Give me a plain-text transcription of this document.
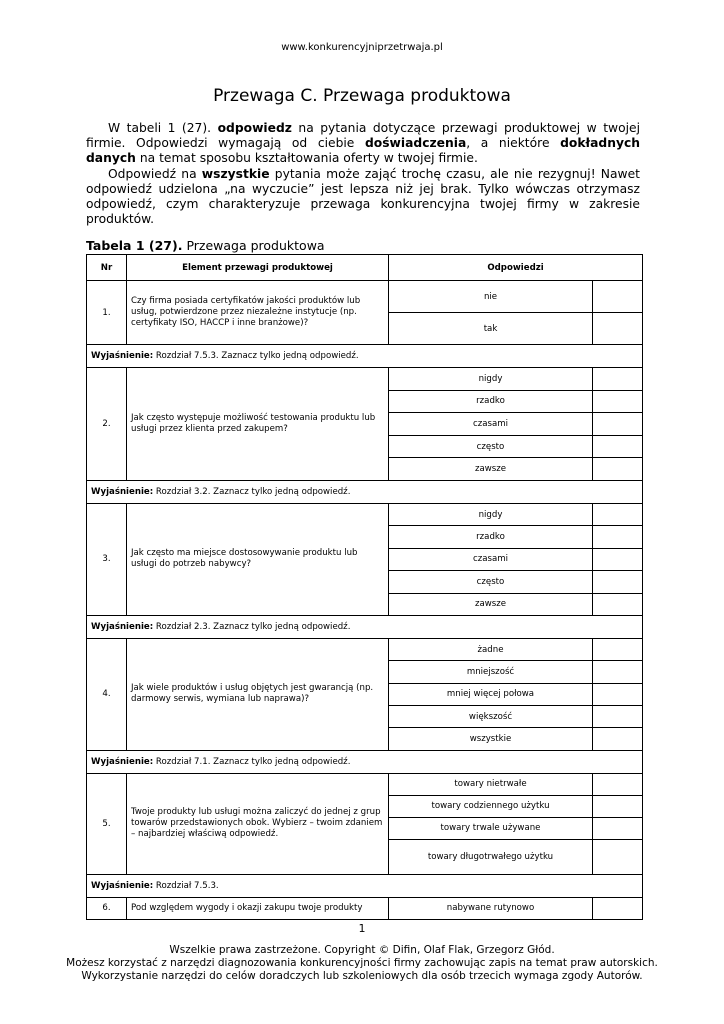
www.konkurencyjniprzetrwaja.pl
Przewaga C. Przewaga produktowa

W tabeli 1 (27). odpowiedz na pytania dotyczące przewagi produktowej w twojej firmie. Odpowiedzi wymagają od ciebie doświadczenia, a niektóre dokładnych danych na temat sposobu kształtowania oferty w twojej firmie.

Odpowiedź na wszystkie pytania może zająć trochę czasu, ale nie rezygnuj! Nawet odpowiedź udzielona „na wyczucie” jest lepsza niż jej brak. Tylko wówczas otrzymasz odpowiedź, czym charakteryzuje przewaga konkurencyjna twojej firmy w zakresie produktów.

Tabela 1 (27). Przewaga produktowa
Nr	Element przewagi produktowej	Odpowiedzi	
1.	Czy firma posiada certyfikatów jakości produktów lub usług, potwierdzone przez niezależne instytucje (np. certyfikaty ISO, HACCP i inne branżowe)?	nie	
		tak	
Wyjaśnienie: Rozdział 7.5.3. Zaznacz tylko jedną odpowiedź.			
2.	Jak często występuje możliwość testowania produktu lub usługi przez klienta przed zakupem?	nigdy	
		rzadko	
		czasami	
		często	
		zawsze	
Wyjaśnienie: Rozdział 3.2. Zaznacz tylko jedną odpowiedź.			
3.	Jak często ma miejsce dostosowywanie produktu lub usługi do potrzeb nabywcy?	nigdy	
		rzadko	
		czasami	
		często	
		zawsze	
Wyjaśnienie: Rozdział 2.3. Zaznacz tylko jedną odpowiedź.			
4.	Jak wiele produktów i usług objętych jest gwarancją (np. darmowy serwis, wymiana lub naprawa)?	żadne	
		mniejszość	
		mniej więcej połowa	
		większość	
		wszystkie	
Wyjaśnienie: Rozdział 7.1. Zaznacz tylko jedną odpowiedź.			
5.	Twoje produkty lub usługi można zaliczyć do jednej z grup towarów przedstawionych obok. Wybierz – twoim zdaniem – najbardziej właściwą odpowiedź.	towary nietrwałe	
		towary codziennego użytku	
		towary trwale używane	
		towary długotrwałego użytku	
Wyjaśnienie: Rozdział 7.5.3.			
6.	Pod względem wygody i okazji zakupu twoje produkty	nabywane rutynowo	
1
Wszelkie prawa zastrzeżone. Copyright © Difin, Olaf Flak, Grzegorz Głód.
Możesz korzystać z narzędzi diagnozowania konkurencyjności firmy zachowując zapis na temat praw autorskich.
Wykorzystanie narzędzi do celów doradczych lub szkoleniowych dla osób trzecich wymaga zgody Autorów.
